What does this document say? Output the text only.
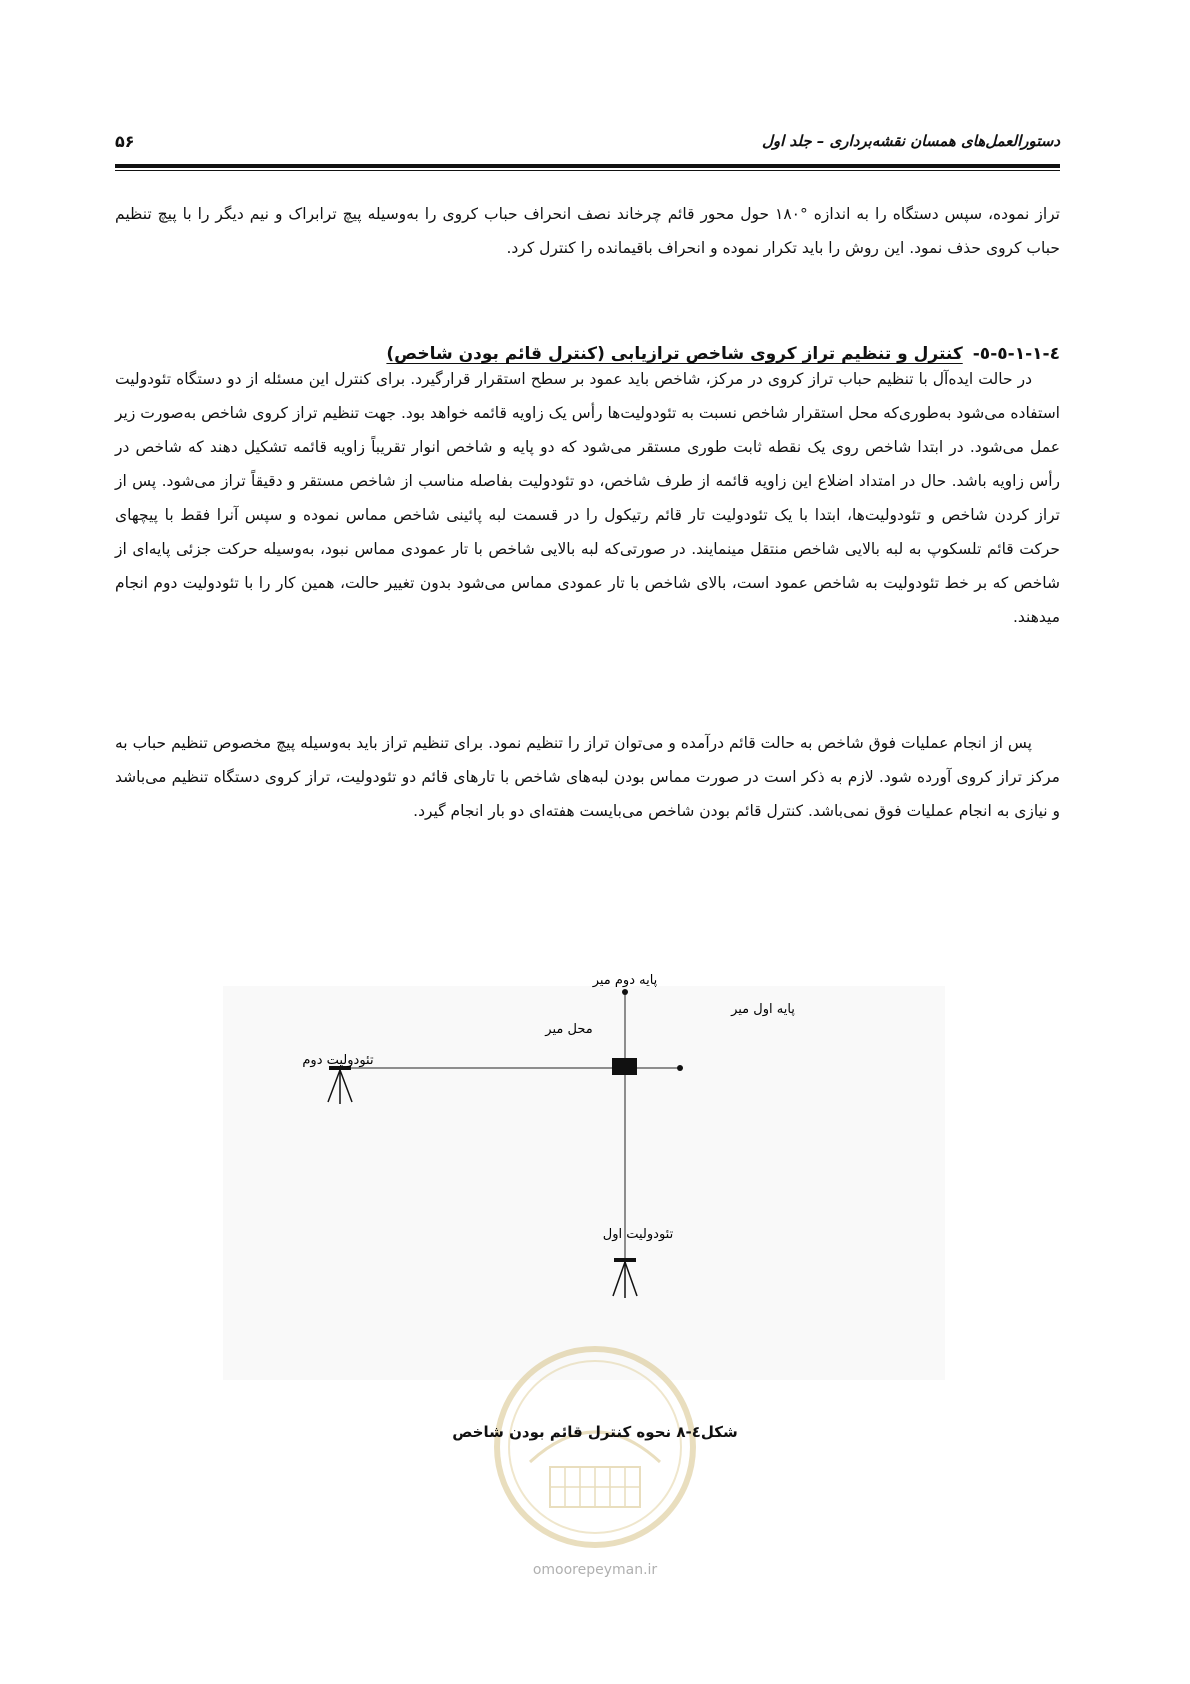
دستورالعمل‌های همسان نقشه‌برداری – جلد اول
۵۶

تراز نموده، سپس دستگاه را به اندازه °۱۸۰ حول محور قائم چرخاند نصف انحراف حباب کروی را به‌وسیله پیچ ترابراک و نیم دیگر را با پیچ تنظیم حباب کروی حذف نمود. این روش را باید تکرار نموده و انحراف باقیمانده را کنترل کرد.

٤-١-١-٥-٥-کنترل و تنظیم تراز کروی شاخص ترازیابی (کنترل قائم بودن شاخص)

در حالت ایده‌آل با تنظیم حباب تراز کروی در مرکز، شاخص باید عمود بر سطح استقرار قرارگیرد. برای کنترل این مسئله از دو دستگاه تئودولیت استفاده می‌شود به‌طوری‌که محل استقرار شاخص نسبت به تئودولیت‌ها رأس یک زاویه قائمه خواهد بود. جهت تنظیم تراز کروی شاخص به‌صورت زیر عمل می‌شود. در ابتدا شاخص روی یک نقطه ثابت طوری مستقر می‌شود که دو پایه و شاخص انوار تقریباً زاویه قائمه تشکیل دهند که شاخص در رأس زاویه باشد. حال در امتداد اضلاع این زاویه قائمه از طرف شاخص، دو تئودولیت بفاصله مناسب از شاخص مستقر و دقیقاً تراز می‌شود. پس از تراز کردن شاخص و تئودولیت‌ها، ابتدا با یک تئودولیت تار قائم رتیکول را در قسمت لبه پائینی شاخص مماس نموده و سپس آنرا فقط با پیچهای حرکت قائم تلسکوپ به لبه بالایی شاخص منتقل مینمایند. در صورتی‌که لبه بالایی شاخص با تار عمودی مماس نبود، به‌وسیله حرکت جزئی پایه‌ای از شاخص که بر خط تئودولیت به شاخص عمود است، بالای شاخص با تار عمودی مماس می‌شود بدون تغییر حالت، همین کار را با تئودولیت دوم انجام میدهند.

پس از انجام عملیات فوق شاخص به حالت قائم درآمده و می‌توان تراز را تنظیم نمود. برای تنظیم تراز باید به‌وسیله پیچ مخصوص تنظیم حباب به مرکز تراز کروی آورده شود. لازم به ذکر است در صورت مماس بودن لبه‌های شاخص با تارهای قائم دو تئودولیت، تراز کروی دستگاه تنظیم می‌باشد و نیازی به انجام عملیات فوق نمی‌باشد. کنترل قائم بودن شاخص می‌بایست هفته‌ای دو بار انجام گیرد.

پایه دوم میر
پایه اول میر
محل میر
تئودولیت دوم
تئودولیت اول
شکل٤-٨ نحوه کنترل قائم بودن شاخص
omoorepeyman.ir
